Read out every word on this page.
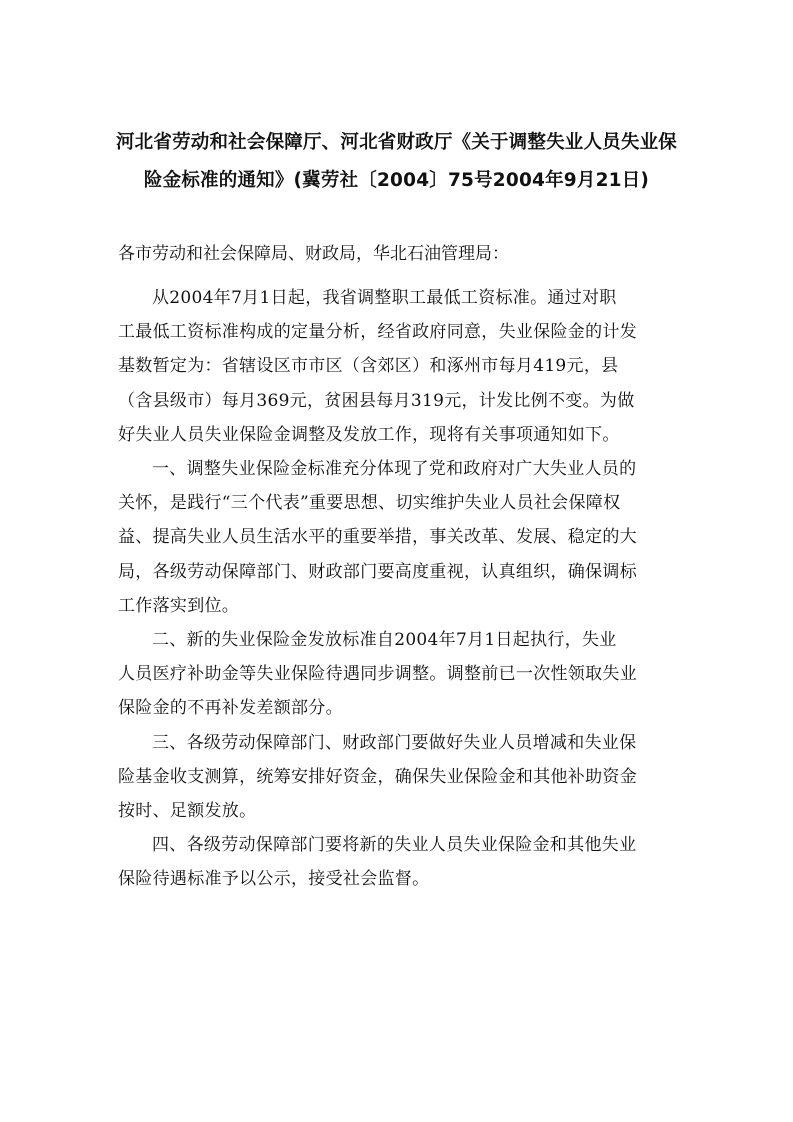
河北省劳动和社会保障厅、河北省财政厅《关于调整失业人员失业保
险金标准的通知》(冀劳社〔2004〕75号2004年9月21日)
各市劳动和社会保障局、财政局，华北石油管理局：

从2004年7月1日起，我省调整职工最低工资标准。通过对职
工最低工资标准构成的定量分析，经省政府同意，失业保险金的计发
基数暂定为：省辖设区市市区（含郊区）和涿州市每月419元，县
（含县级市）每月369元，贫困县每月319元，计发比例不变。为做
好失业人员失业保险金调整及发放工作，现将有关事项通知如下。

一、调整失业保险金标准充分体现了党和政府对广大失业人员的
关怀，是践行“三个代表”重要思想、切实维护失业人员社会保障权
益、提高失业人员生活水平的重要举措，事关改革、发展、稳定的大
局，各级劳动保障部门、财政部门要高度重视，认真组织，确保调标
工作落实到位。

二、新的失业保险金发放标准自2004年7月1日起执行，失业
人员医疗补助金等失业保险待遇同步调整。调整前已一次性领取失业
保险金的不再补发差额部分。

三、各级劳动保障部门、财政部门要做好失业人员增减和失业保
险基金收支测算，统筹安排好资金，确保失业保险金和其他补助资金
按时、足额发放。

四、各级劳动保障部门要将新的失业人员失业保险金和其他失业
保险待遇标准予以公示，接受社会监督。
